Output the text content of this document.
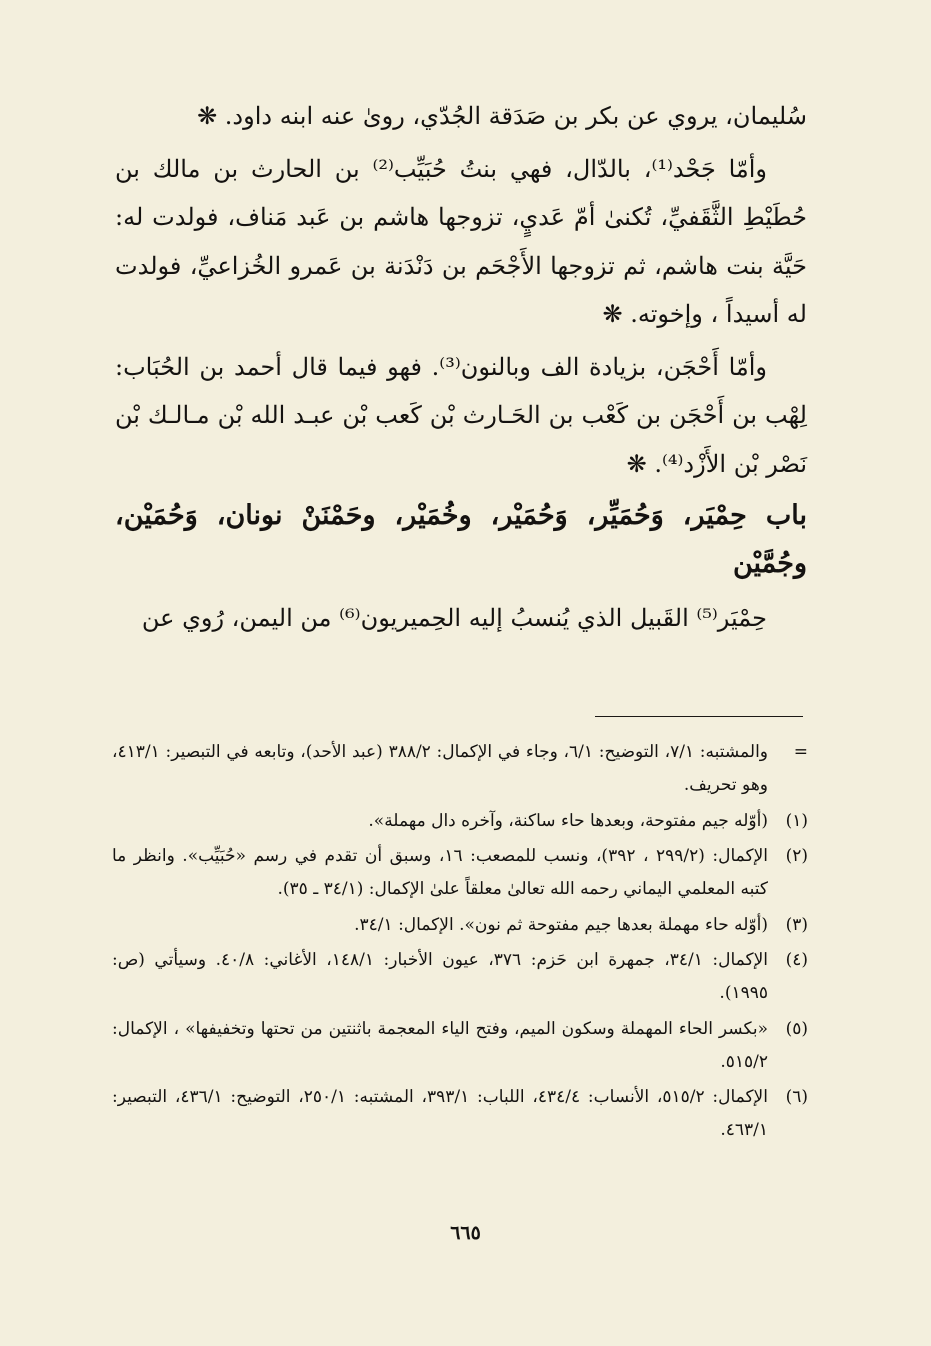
سُليمان، يروي عن بكر بن صَدَقة الجُدّي، روىٰ عنه ابنه داود. ❋

وأمّا جَحْد⁽¹⁾، بالدّال، فهي بنتُ حُبَيِّب⁽²⁾ بن الحارث بن مالك بن حُطَيْطِ الثَّقَفيِّ، تُكنىٰ أمّ عَديٍ، تزوجها هاشم بن عَبد مَناف، فولدت له: حَيَّة بنت هاشم، ثم تزوجها الأَجْحَم بن دَنْدَنة بن عَمرو الخُزاعيِّ، فولدت له أسيداً ، وإخوته. ❋

وأمّا أَحْجَن، بزيادة الف وبالنون⁽³⁾. فهو فيما قال أحمد بن الحُبَاب: لِهْب بن أَحْجَن بن كَعْب بن الحَـارث بْن كَعب بْن عبـد الله بْن مـالـك بْن نَصْر بْن الأَزْد⁽⁴⁾. ❋

باب حِمْيَر، وَحُمَيِّر، وَحُمَيْر، وخُمَيْر، وحَمْنَنْ نونان، وَحُمَيْن، وجُمَّيْن

حِمْيَر⁽⁵⁾ القَبيل الذي يُنسبُ إليه الحِميريون⁽⁶⁾ من اليمن، رُوي عن

=
والمشتبه: ٧/١، التوضيح: ٦/١، وجاء في الإكمال: ٣٨٨/٢ (عبد الأحد)، وتابعه في التبصير: ٤١٣/١، وهو تحريف.
(١)
(أوّله جيم مفتوحة، وبعدها حاء ساكنة، وآخره دال مهملة».
(٢)
الإكمال: (٢٩٩/٢ ، ٣٩٢)، ونسب للمصعب: ١٦، وسبق أن تقدم في رسم «حُبَيِّب». وانظر ما كتبه المعلمي اليماني رحمه الله تعالىٰ معلقاً علىٰ الإكمال: (٣٤/١ ـ ٣٥).
(٣)
(أوّله حاء مهملة بعدها جيم مفتوحة ثم نون». الإكمال: ٣٤/١.
(٤)
الإكمال: ٣٤/١، جمهرة ابن حَزم: ٣٧٦، عيون الأخبار: ١٤٨/١، الأغاني: ٤٠/٨. وسيأتي (ص: ١٩٩٥).
(٥)
«بكسر الحاء المهملة وسكون الميم، وفتح الياء المعجمة باثنتين من تحتها وتخفيفها» ، الإكمال: ٥١٥/٢.
(٦)
الإكمال: ٥١٥/٢، الأنساب: ٤٣٤/٤، اللباب: ٣٩٣/١، المشتبه: ٢٥٠/١، التوضيح: ٤٣٦/١، التبصير: ٤٦٣/١.
٦٦٥
